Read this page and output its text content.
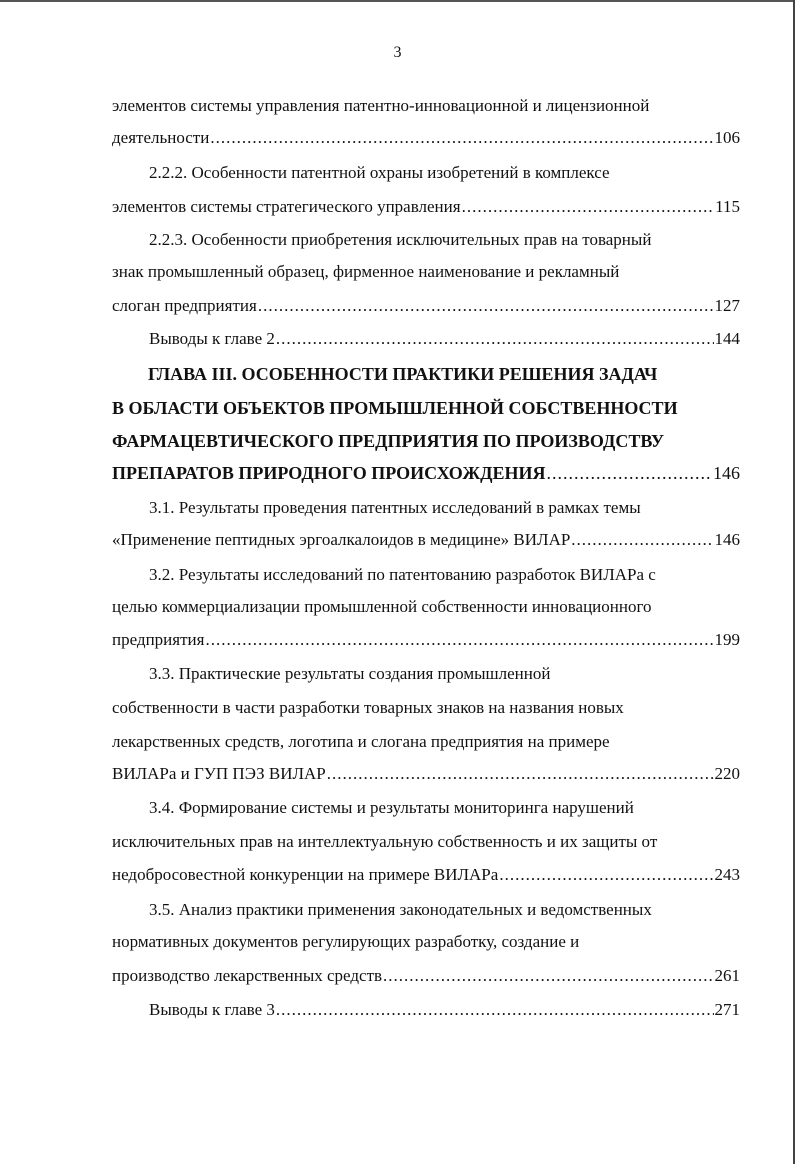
3
элементов системы управления патентно-инновационной и лицензионной
деятельности .....	106
2.2.2. Особенности патентной охраны изобретений в комплексе
элементов системы стратегического управления .....	115
2.2.3. Особенности приобретения исключительных прав на товарный
знак промышленный образец, фирменное наименование и рекламный
слоган предприятия .....	127
Выводы к главе 2 .....	144
ГЛАВА III. ОСОБЕННОСТИ ПРАКТИКИ РЕШЕНИЯ ЗАДАЧ
В ОБЛАСТИ ОБЪЕКТОВ ПРОМЫШЛЕННОЙ СОБСТВЕННОСТИ
ФАРМАЦЕВТИЧЕСКОГО ПРЕДПРИЯТИЯ ПО ПРОИЗВОДСТВУ
ПРЕПАРАТОВ ПРИРОДНОГО ПРОИСХОЖДЕНИЯ .....	146
3.1. Результаты проведения патентных исследований в рамках темы
«Применение пептидных эргоалкалоидов в медицине» ВИЛАР .....	146
3.2. Результаты исследований по патентованию разработок ВИЛАРа с
целью коммерциализации промышленной собственности инновационного
предприятия .....	199
3.3. Практические результаты создания промышленной
собственности в части разработки товарных знаков на названия новых
лекарственных средств, логотипа и слогана предприятия на примере
ВИЛАРа и ГУП ПЭЗ ВИЛАР .....	220
3.4. Формирование системы и результаты мониторинга нарушений
исключительных прав на интеллектуальную собственность и их защиты от
недобросовестной конкуренции на примере ВИЛАРа .....	243
3.5. Анализ практики применения законодательных и ведомственных
нормативных документов регулирующих разработку, создание и
производство лекарственных средств .....	261
Выводы к главе 3 .....	271
